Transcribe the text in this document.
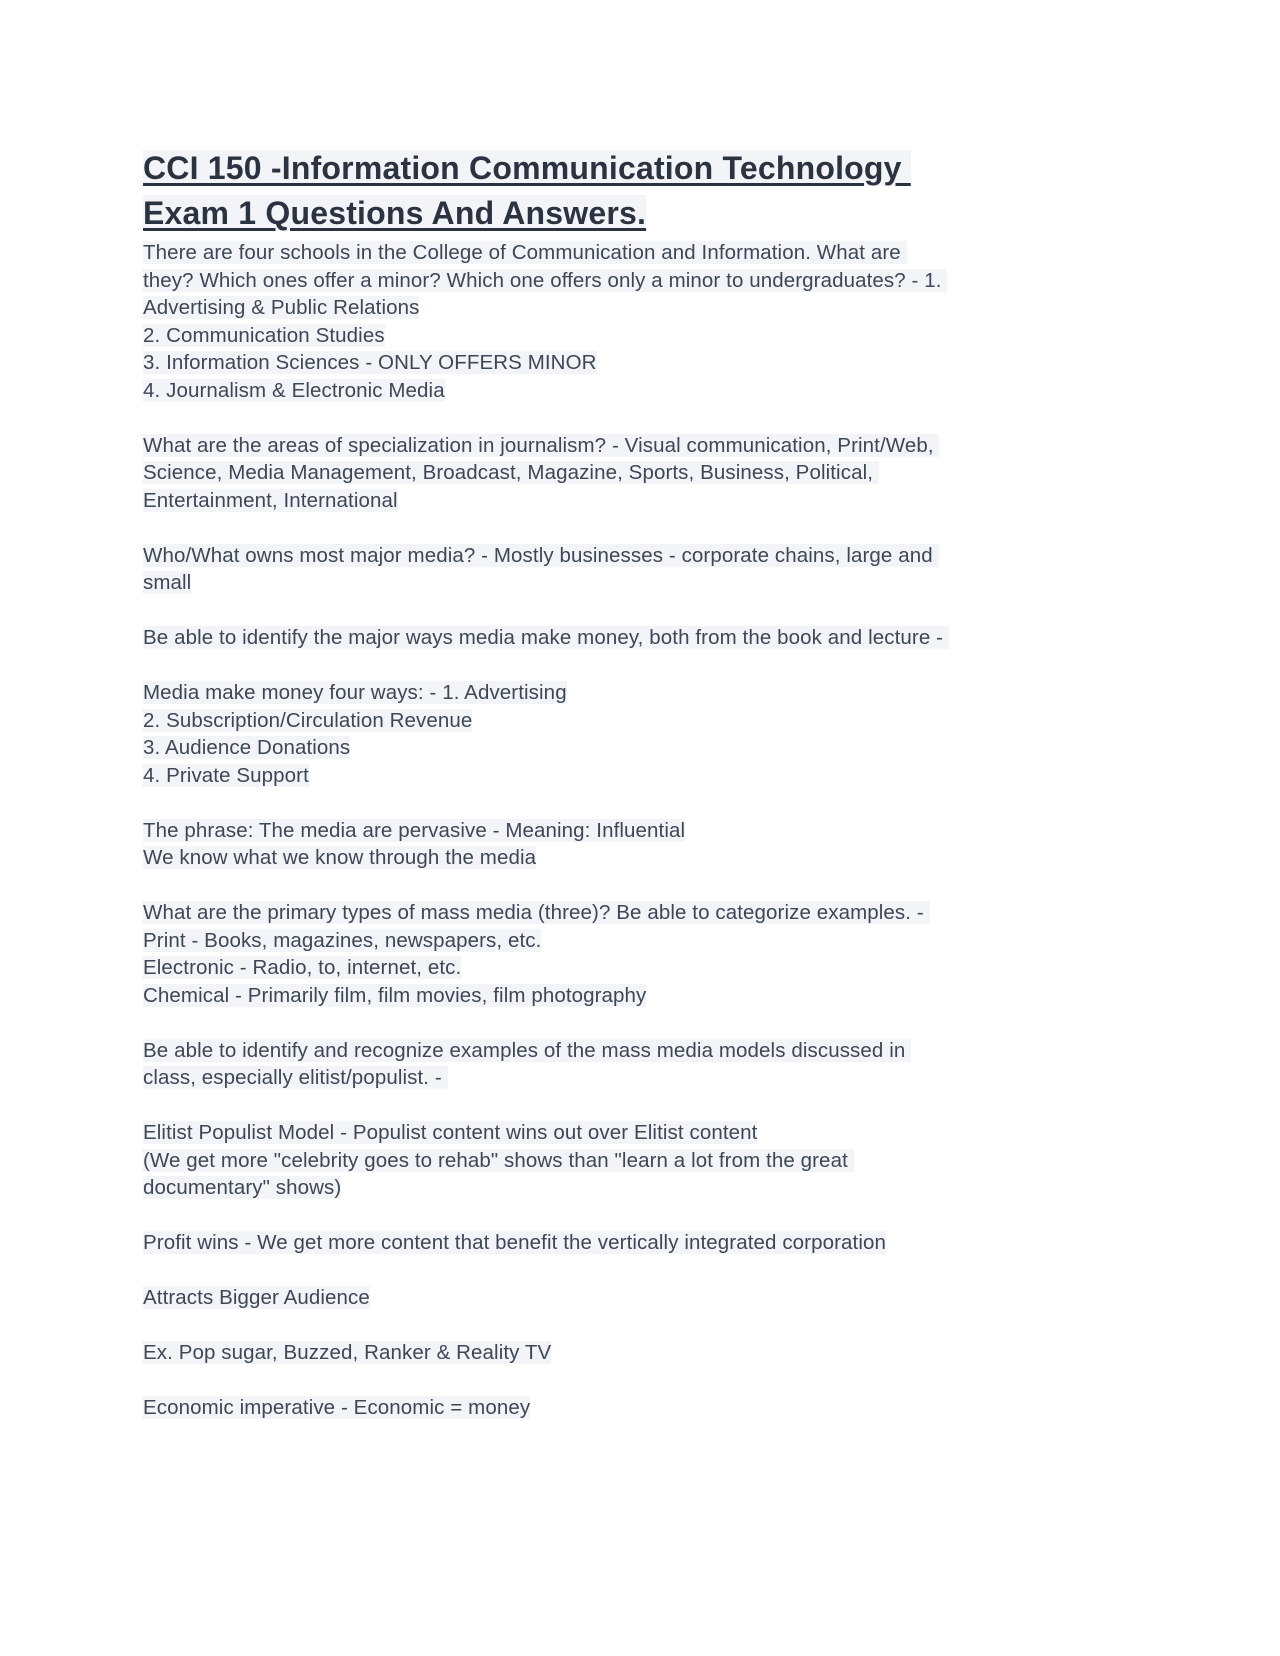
CCI 150 -Information Communication Technology
Exam 1 Questions And Answers.

There are four schools in the College of Communication and Information. What are
they? Which ones offer a minor? Which one offers only a minor to undergraduates? - 1.
Advertising & Public Relations
2. Communication Studies
3. Information Sciences - ONLY OFFERS MINOR
4. Journalism & Electronic Media

What are the areas of specialization in journalism? - Visual communication, Print/Web,
Science, Media Management, Broadcast, Magazine, Sports, Business, Political,
Entertainment, International

Who/What owns most major media? - Mostly businesses - corporate chains, large and
small

Be able to identify the major ways media make money, both from the book and lecture -

Media make money four ways: - 1. Advertising
2. Subscription/Circulation Revenue
3. Audience Donations
4. Private Support

The phrase: The media are pervasive - Meaning: Influential
We know what we know through the media

What are the primary types of mass media (three)? Be able to categorize examples. -
Print - Books, magazines, newspapers, etc.
Electronic - Radio, to, internet, etc.
Chemical - Primarily film, film movies, film photography

Be able to identify and recognize examples of the mass media models discussed in
class, especially elitist/populist. -

Elitist Populist Model - Populist content wins out over Elitist content
(We get more "celebrity goes to rehab" shows than "learn a lot from the great
documentary" shows)

Profit wins - We get more content that benefit the vertically integrated corporation

Attracts Bigger Audience

Ex. Pop sugar, Buzzed, Ranker & Reality TV

Economic imperative - Economic = money
